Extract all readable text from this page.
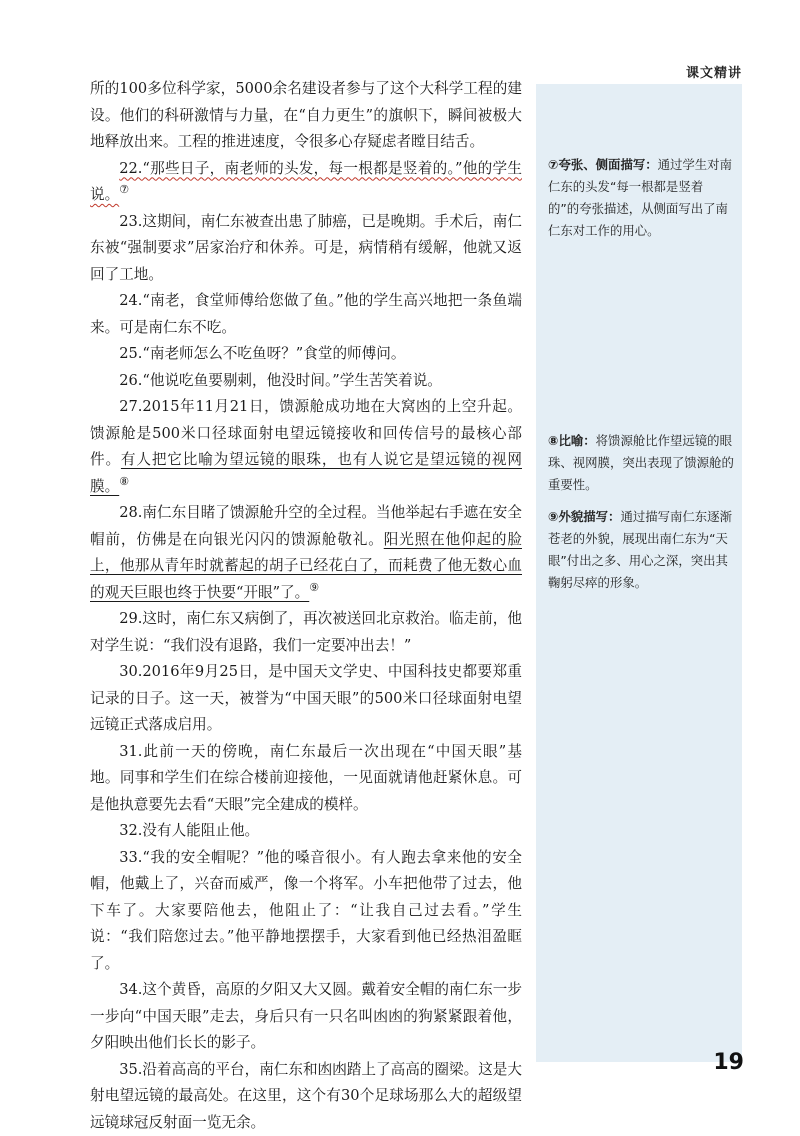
课文精讲

所的100多位科学家，5000余名建设者参与了这个大科学工程的建设。他们的科研激情与力量，在“自力更生”的旗帜下，瞬间被极大地释放出来。工程的推进速度，令很多心存疑虑者瞠目结舌。

22.“那些日子，南老师的头发，每一根都是竖着的。”他的学生说。⑦

23.这期间，南仁东被查出患了肺癌，已是晚期。手术后，南仁东被“强制要求”居家治疗和休养。可是，病情稍有缓解，他就又返回了工地。

24.“南老，食堂师傅给您做了鱼。”他的学生高兴地把一条鱼端来。可是南仁东不吃。

25.“南老师怎么不吃鱼呀？”食堂的师傅问。

26.“他说吃鱼要剔刺，他没时间。”学生苦笑着说。

27.2015年11月21日，馈源舱成功地在大窝凼的上空升起。馈源舱是500米口径球面射电望远镜接收和回传信号的最核心部件。有人把它比喻为望远镜的眼珠，也有人说它是望远镜的视网膜。⑧

28.南仁东目睹了馈源舱升空的全过程。当他举起右手遮在安全帽前，仿佛是在向银光闪闪的馈源舱敬礼。阳光照在他仰起的脸上，他那从青年时就蓄起的胡子已经花白了，而耗费了他无数心血的观天巨眼也终于快要“开眼”了。⑨

29.这时，南仁东又病倒了，再次被送回北京救治。临走前，他对学生说：“我们没有退路，我们一定要冲出去！”

30.2016年9月25日，是中国天文学史、中国科技史都要郑重记录的日子。这一天，被誉为“中国天眼”的500米口径球面射电望远镜正式落成启用。

31.此前一天的傍晚，南仁东最后一次出现在“中国天眼”基地。同事和学生们在综合楼前迎接他，一见面就请他赶紧休息。可是他执意要先去看“天眼”完全建成的模样。

32.没有人能阻止他。

33.“我的安全帽呢？”他的嗓音很小。有人跑去拿来他的安全帽，他戴上了，兴奋而威严，像一个将军。小车把他带了过去，他下车了。大家要陪他去，他阻止了：“让我自己过去看。”学生说：“我们陪您过去。”他平静地摆摆手，大家看到他已经热泪盈眶了。

34.这个黄昏，高原的夕阳又大又圆。戴着安全帽的南仁东一步一步向“中国天眼”走去，身后只有一只名叫凼凼的狗紧紧跟着他，夕阳映出他们长长的影子。

35.沿着高高的平台，南仁东和凼凼踏上了高高的圈梁。这是大射电望远镜的最高处。在这里，这个有30个足球场那么大的超级望远镜球冠反射面一览无余。

⑦夸张、侧面描写：通过学生对南仁东的头发“每一根都是竖着的”的夸张描述，从侧面写出了南仁东对工作的用心。
⑧比喻：将馈源舱比作望远镜的眼珠、视网膜，突出表现了馈源舱的重要性。
⑨外貌描写：通过描写南仁东逐渐苍老的外貌，展现出南仁东为“天眼”付出之多、用心之深，突出其鞠躬尽瘁的形象。
19
